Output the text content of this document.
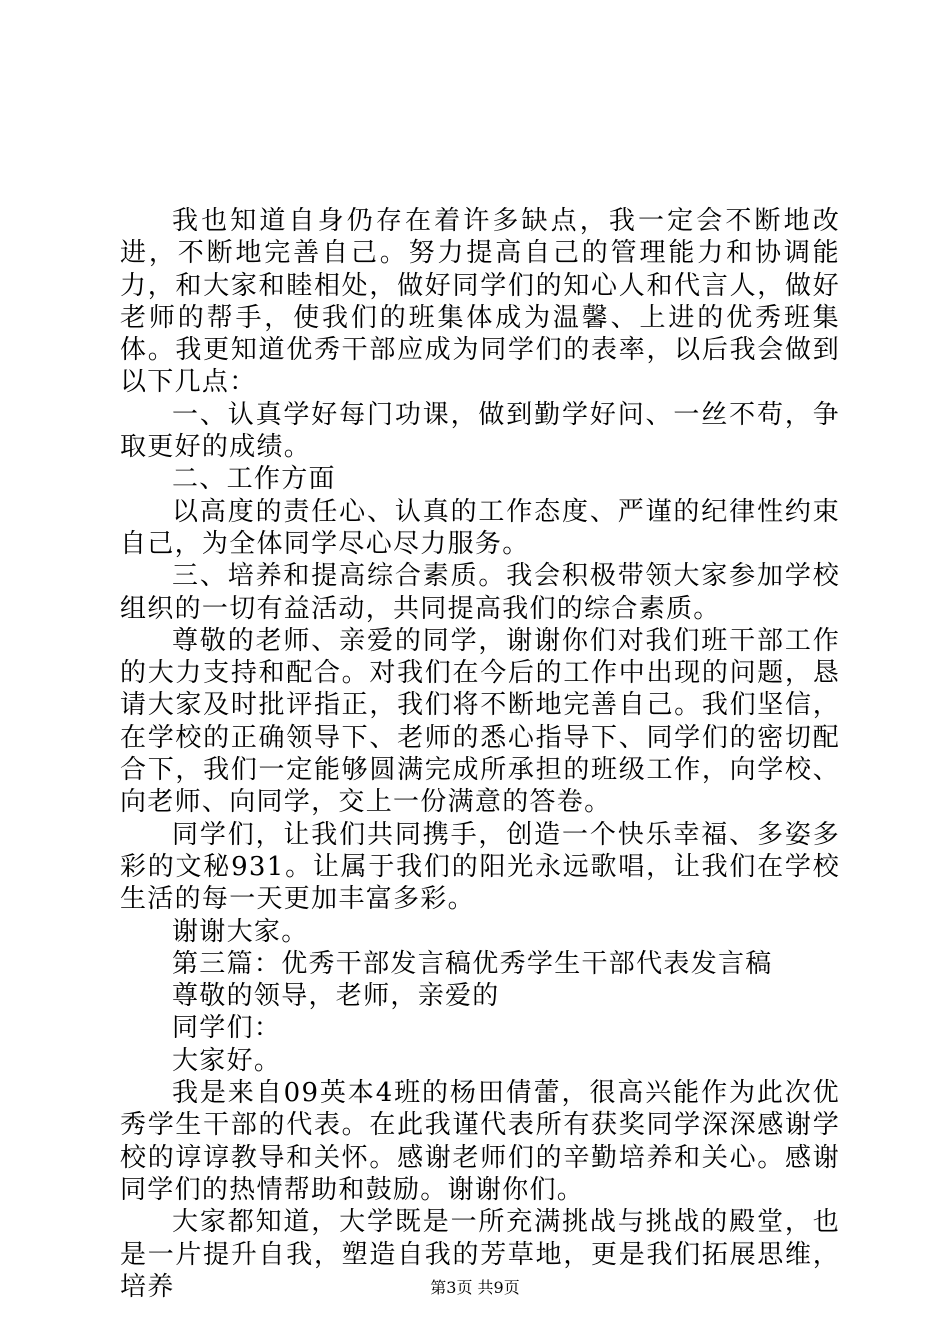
我也知道自身仍存在着许多缺点，我一定会不断地改进，不断地完善自己。努力提高自己的管理能力和协调能力，和大家和睦相处，做好同学们的知心人和代言人，做好老师的帮手，使我们的班集体成为温馨、上进的优秀班集体。我更知道优秀干部应成为同学们的表率，以后我会做到以下几点：

一、认真学好每门功课，做到勤学好问、一丝不苟，争取更好的成绩。

二、工作方面

以高度的责任心、认真的工作态度、严谨的纪律性约束自己，为全体同学尽心尽力服务。

三、培养和提高综合素质。我会积极带领大家参加学校组织的一切有益活动，共同提高我们的综合素质。

尊敬的老师、亲爱的同学，谢谢你们对我们班干部工作的大力支持和配合。对我们在今后的工作中出现的问题，恳请大家及时批评指正，我们将不断地完善自己。我们坚信，在学校的正确领导下、老师的悉心指导下、同学们的密切配合下，我们一定能够圆满完成所承担的班级工作，向学校、向老师、向同学，交上一份满意的答卷。

同学们，让我们共同携手，创造一个快乐幸福、多姿多彩的文秘931。让属于我们的阳光永远歌唱，让我们在学校生活的每一天更加丰富多彩。

谢谢大家。

第三篇：优秀干部发言稿优秀学生干部代表发言稿

尊敬的领导，老师，亲爱的

同学们：

大家好。

我是来自09英本4班的杨田倩蕾，很高兴能作为此次优秀学生干部的代表。在此我谨代表所有获奖同学深深感谢学校的谆谆教导和关怀。感谢老师们的辛勤培养和关心。感谢同学们的热情帮助和鼓励。谢谢你们。

大家都知道，大学既是一所充满挑战与挑战的殿堂，也是一片提升自我，塑造自我的芳草地，更是我们拓展思维，培养	第3页 共9页
